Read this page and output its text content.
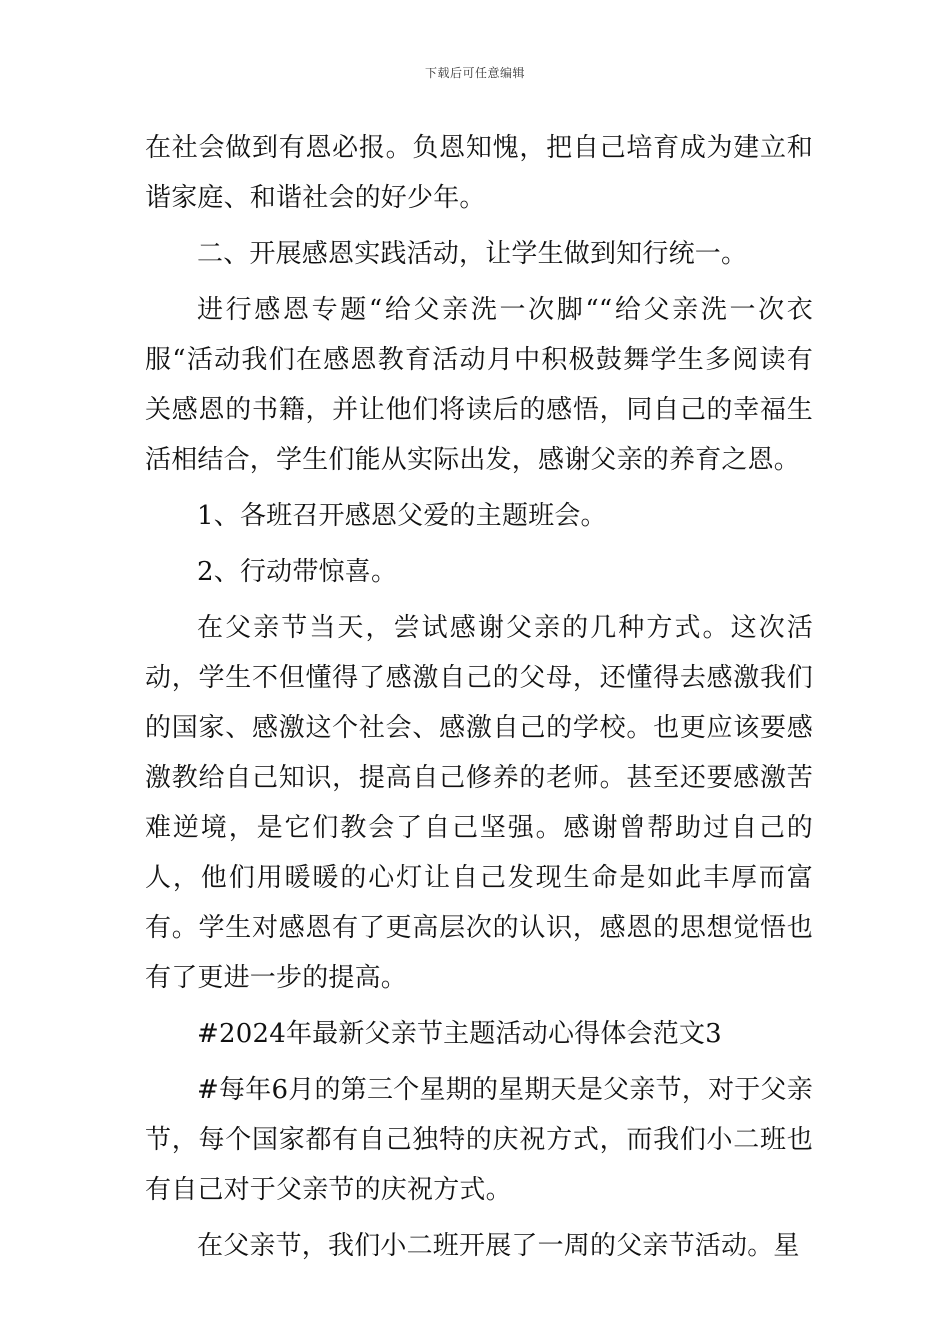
下载后可任意编辑

在社会做到有恩必报。负恩知愧，把自己培育成为建立和谐家庭、和谐社会的好少年。

二、开展感恩实践活动，让学生做到知行统一。

进行感恩专题“给父亲洗一次脚““给父亲洗一次衣服“活动我们在感恩教育活动月中积极鼓舞学生多阅读有关感恩的书籍，并让他们将读后的感悟，同自己的幸福生活相结合，学生们能从实际出发，感谢父亲的养育之恩。

1、各班召开感恩父爱的主题班会。

2、行动带惊喜。

在父亲节当天，尝试感谢父亲的几种方式。这次活动，学生不但懂得了感激自己的父母，还懂得去感激我们的国家、感激这个社会、感激自己的学校。也更应该要感激教给自己知识，提高自己修养的老师。甚至还要感激苦难逆境，是它们教会了自己坚强。感谢曾帮助过自己的人，他们用暖暖的心灯让自己发现生命是如此丰厚而富有。学生对感恩有了更高层次的认识，感恩的思想觉悟也有了更进一步的提高。

#2024年最新父亲节主题活动心得体会范文3

#每年6月的第三个星期的星期天是父亲节，对于父亲节，每个国家都有自己独特的庆祝方式，而我们小二班也有自己对于父亲节的庆祝方式。

在父亲节，我们小二班开展了一周的父亲节活动。星
